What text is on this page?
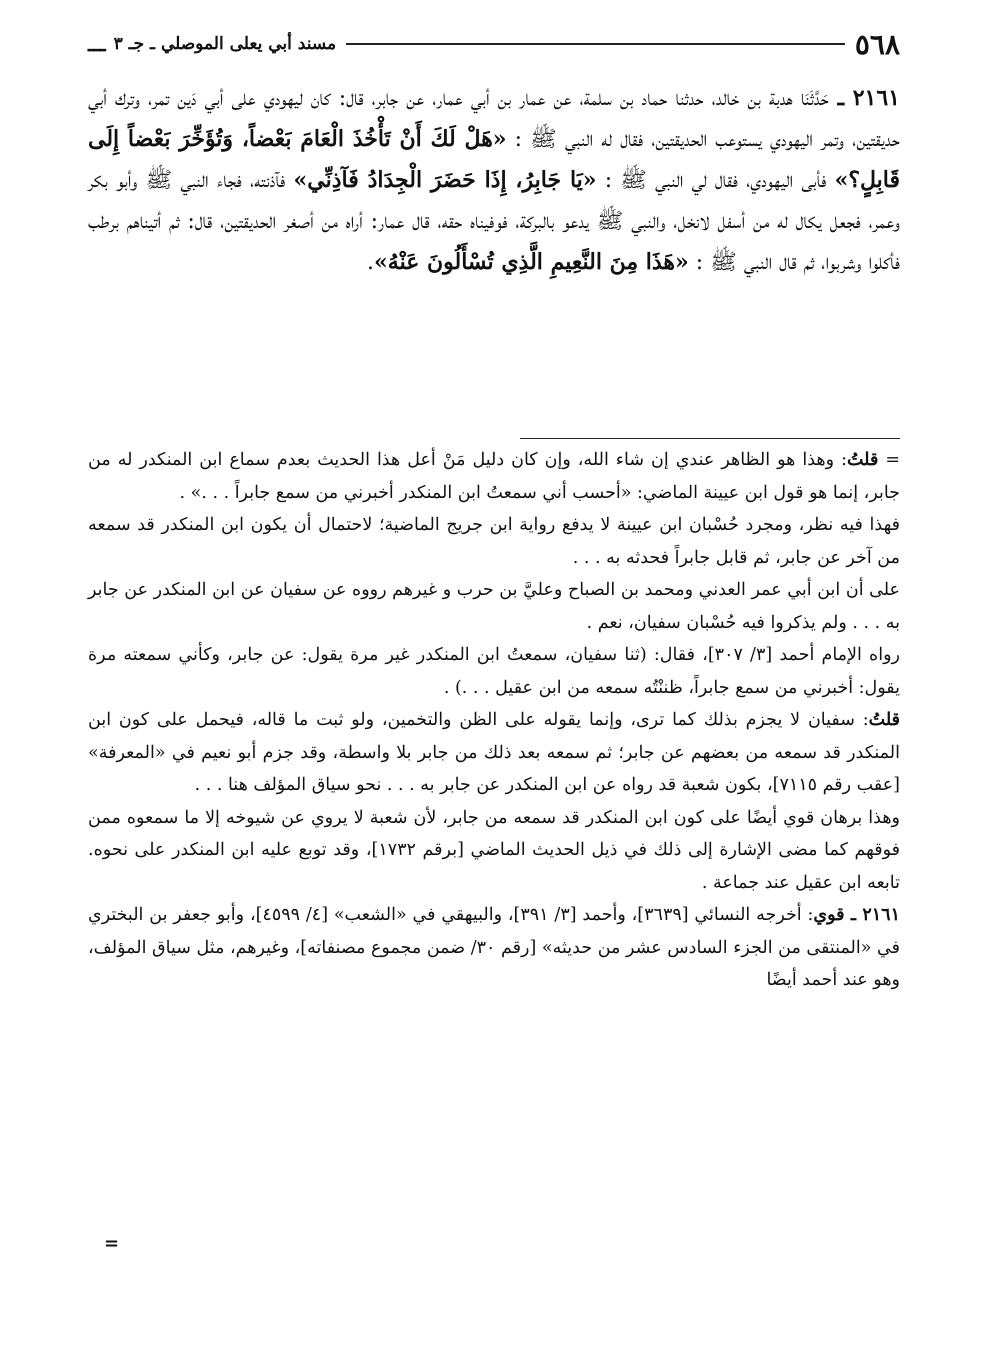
٥٦٨
مسند أبي يعلى الموصلي ـ جـ ٣
ـــ
٢١٦١ ـ حَدَّثَنَا هدبة بن خالد، حدثنا حماد بن سلمة، عن عمار بن أبي عمار، عن جابر، قال: كان ليهودي على أبي دَين تمر، وترك أبي حديقتين، وتمر اليهودي يستوعب الحديقتين، فقال له النبي ﷺ : «هَلْ لَكَ أَنْ تَأْخُذَ الْعَامَ بَعْضاً، وَتُؤَخِّرَ بَعْضاً إِلَى قَابِلٍ؟» فأبى اليهودي، فقال لي النبي ﷺ : «يَا جَابِرُ، إِذَا حَضَرَ الْجِدَادُ فَآذِنِّي» فآذنته، فجاء النبي ﷺ وأبو بكر وعمر، فجعل يكال له من أسفل لانخل، والنبي ﷺ يدعو بالبركة، فوفيناه حقه، قال عمار: أراه من أصغر الحديقتين، قال: ثم أتيناهم برطب فأكلوا وشربوا، ثم قال النبي ﷺ : «هَذَا مِنَ النَّعِيمِ الَّذِي تُسْأَلُونَ عَنْهُ».

= قلتُ: وهذا هو الظاهر عندي إن شاء الله، وإن كان دليل مَنْ أعل هذا الحديث بعدم سماع ابن المنكدر له من جابر، إنما هو قول ابن عيينة الماضي: «أحسب أني سمعتُ ابن المنكدر أخبرني من سمع جابراً . . .» .

فهذا فيه نظر، ومجرد حُسْبان ابن عيينة لا يدفع رواية ابن جريج الماضية؛ لاحتمال أن يكون ابن المنكدر قد سمعه من آخر عن جابر، ثم قابل جابراً فحدثه به . . .

على أن ابن أبي عمر العدني ومحمد بن الصباح وعليَّ بن حرب و غيرهم رووه عن سفيان عن ابن المنكدر عن جابر به . . . ولم يذكروا فيه حُسْبان سفيان، نعم .

رواه الإمام أحمد [٣/ ٣٠٧]، فقال: (ثنا سفيان، سمعتُ ابن المنكدر غير مرة يقول: عن جابر، وكأني سمعته مرة يقول: أخبرني من سمع جابراً، ظننْتُه سمعه من ابن عقيل . . .) .

قلتُ: سفيان لا يجزم بذلك كما ترى، وإنما يقوله على الظن والتخمين، ولو ثبت ما قاله، فيحمل على كون ابن المنكدر قد سمعه من بعضهم عن جابر؛ ثم سمعه بعد ذلك من جابر بلا واسطة، وقد جزم أبو نعيم في «المعرفة» [عقب رقم ٧١١٥]، بكون شعبة قد رواه عن ابن المنكدر عن جابر به . . . نحو سياق المؤلف هنا . . .

وهذا برهان قوي أيضًا على كون ابن المنكدر قد سمعه من جابر، لأن شعبة لا يروي عن شيوخه إلا ما سمعوه ممن فوقهم كما مضى الإشارة إلى ذلك في ذيل الحديث الماضي [برقم ١٧٣٢]، وقد توبع عليه ابن المنكدر على نحوه. تابعه ابن عقيل عند جماعة .

٢١٦١ ـ قوي: أخرجه النسائي [٣٦٣٩]، وأحمد [٣/ ٣٩١]، والبيهقي في «الشعب» [٤/ ٤٥٩٩]، وأبو جعفر بن البختري في «المنتقى من الجزء السادس عشر من حديثه» [رقم ٣٠/ ضمن مجموع مصنفاته]، وغيرهم، مثل سياق المؤلف، وهو عند أحمد أيضًا

=
